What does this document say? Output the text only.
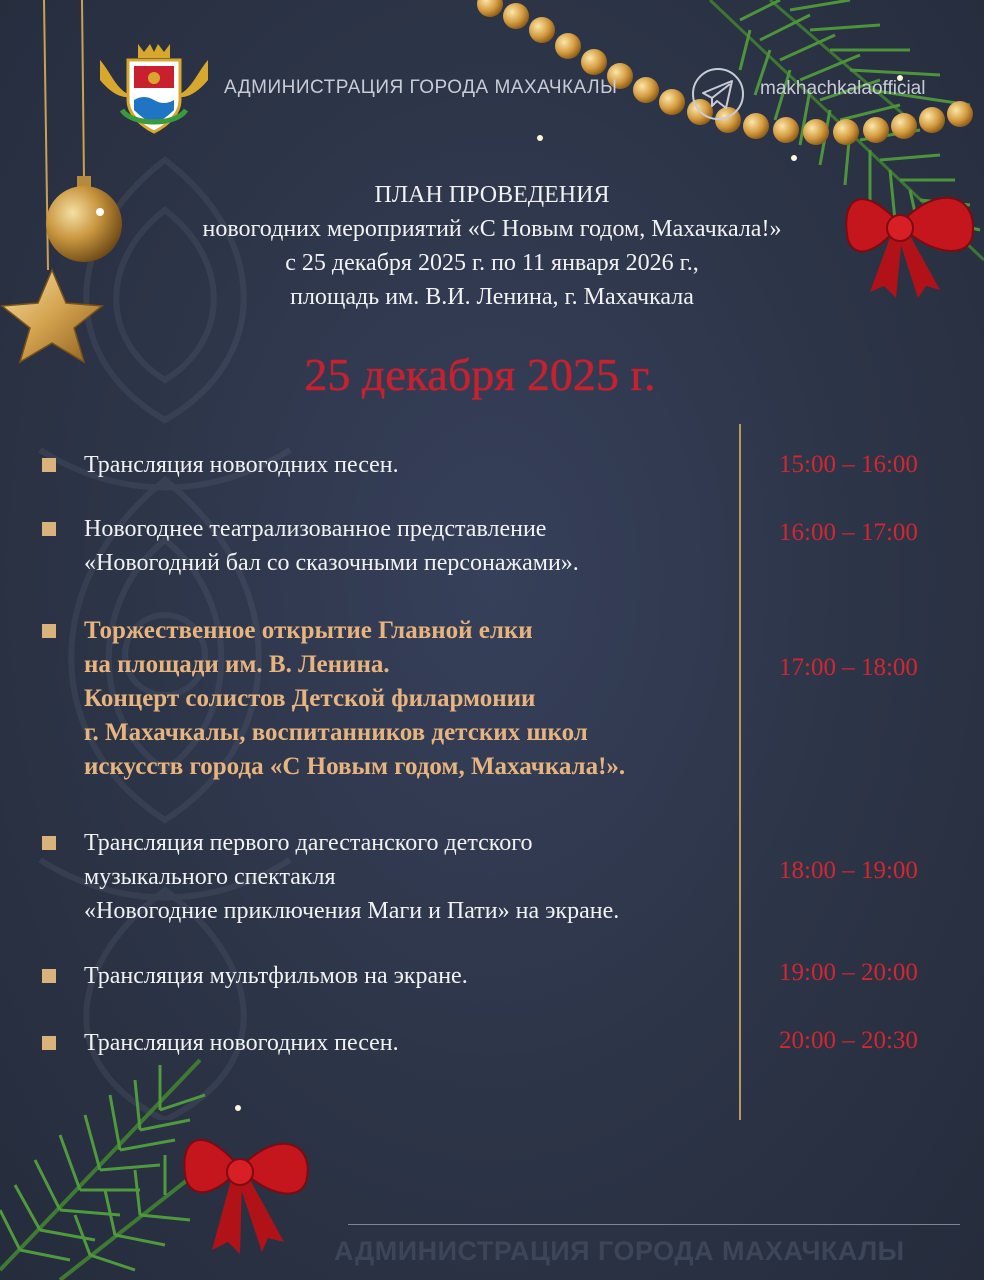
АДМИНИСТРАЦИЯ ГОРОДА МАХАЧКАЛЫ	makhachkalaofficial
ПЛАН ПРОВЕДЕНИЯ
новогодних мероприятий «С Новым годом, Махачкала!»
с 25 декабря 2025 г. по 11 января 2026 г.,
площадь им. В.И. Ленина, г. Махачкала
25 декабря 2025 г.
Трансляция новогодних песен.	15:00 – 16:00
Новогоднее театрализованное представление
«Новогодний бал со сказочными персонажами».
16:00 – 17:00
Торжественное открытие Главной елки
на площади им. В. Ленина.
Концерт солистов Детской филармонии
г. Махачкалы, воспитанников детских школ
искусств города «С Новым годом, Махачкала!».
17:00 – 18:00
Трансляция первого дагестанского детского
музыкального спектакля
«Новогодние приключения Маги и Пати» на экране.
18:00 – 19:00
Трансляция мультфильмов на экране.	19:00 – 20:00
Трансляция новогодних песен.	20:00 – 20:30
АДМИНИСТРАЦИЯ ГОРОДА МАХАЧКАЛЫ
